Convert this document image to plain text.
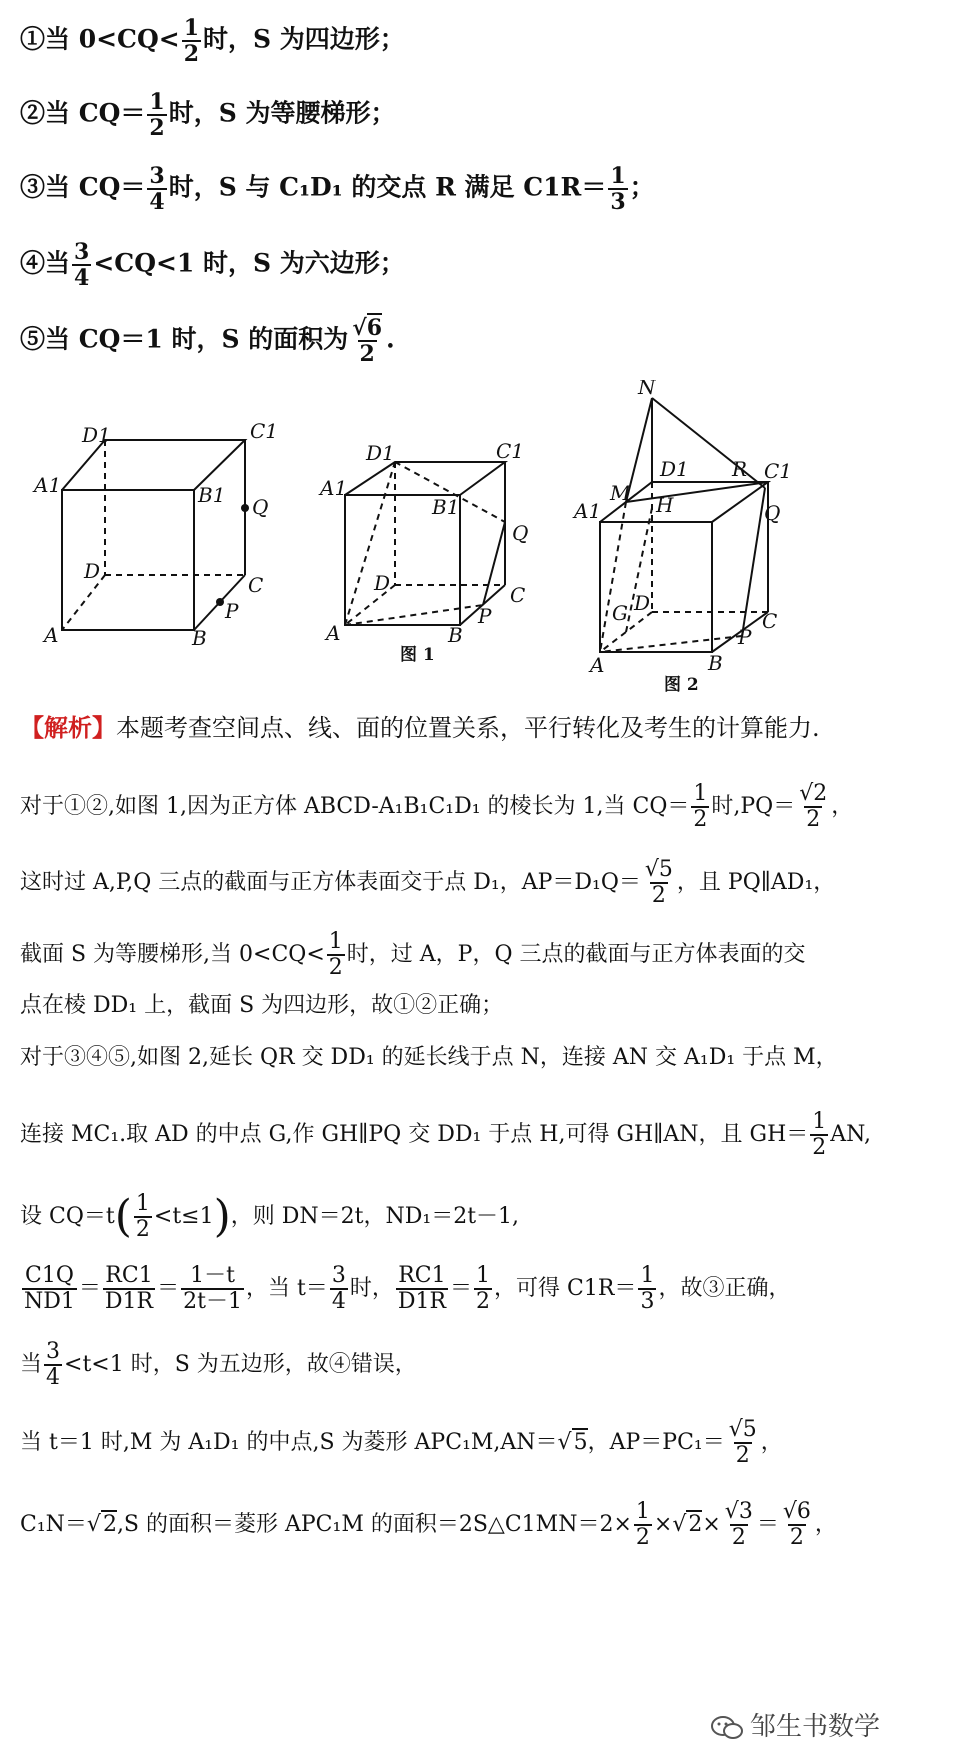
①当 $0<CQ< \frac{1}{2}$ 时，S 为四边形；
②当 $CQ= \frac{1}{2}$ 时，S 为等腰梯形；
③当 $CQ= \frac{3}{4}$ 时，S 与 C₁D₁ 的交点 R 满足 $C1R= \frac{1}{3}$ ；
④当 $\frac{3}{4} <CQ<1$ 时，S 为六边形；
⑤当 CQ＝1 时，S 的面积为 $\frac{√6}{2}$ .
D1	C1
A1	B1 Q
D
C
P
A	B
D1	C1
A1
B1
Q
D	C
P
A	B
图 1
N
D1 R C1
M H
A1	Q
D
G	C
P
A	B
图 2
【解析】本题考查空间点、线、面的位置关系，平行转化及考生的计算能力.
对于①②,如图 1,因为正方体 ABCD-A₁B₁C₁D₁ 的棱长为 1,当 $CQ= \frac{1}{2}$ 时$,PQ= \frac{√2}{2}$ ，
这时过 A,P,Q 三点的截面与正方体表面交于点 D₁，$AP=D_1Q= \frac{√5}{2}$ ，且 PQ∥AD₁，
截面 S 为等腰梯形,当 $0<CQ< \frac{1}{2}$ 时，过 A，P，Q 三点的截面与正方体表面的交
点在棱 DD₁ 上，截面 S 为四边形，故①②正确；
对于③④⑤,如图 2,延长 QR 交 DD₁ 的延长线于点 N，连接 AN 交 A₁D₁ 于点 M，
连接 MC₁.取 AD 的中点 G,作 GH∥PQ 交 DD₁ 于点 H,可得 GH∥AN，且 $GH= \frac{1}{2}$ AN,
设 $CQ=t( \frac{1}{2} <t\le 1)$，则 DN＝2t，ND₁＝2t－1,
$\frac{C1Q}{ND1} = \frac{RC1}{D1R} = \frac{1-t}{2t-1}$ ，当 $t= \frac{3}{4}$ 时， $\frac{RC1}{D1R} = \frac{1}{2}$ ，可得 $C1R= \frac{1}{3}$ ，故③正确，
当 $\frac{3}{4} <t<1$ 时，S 为五边形，故④错误，
当 t＝1 时,M 为 A₁D₁ 的中点,S 为菱形 APC₁M,AN＝√5，$AP=PC_1= \frac{√5}{2}$ ，
C₁N＝√2,S 的面积＝菱形 APC₁M 的面积＝2S△C1MN＝2× $\frac{1}{2} \times√2\times \frac{√3}{2} = \frac{√6}{2}$ ，
邹生书数学
